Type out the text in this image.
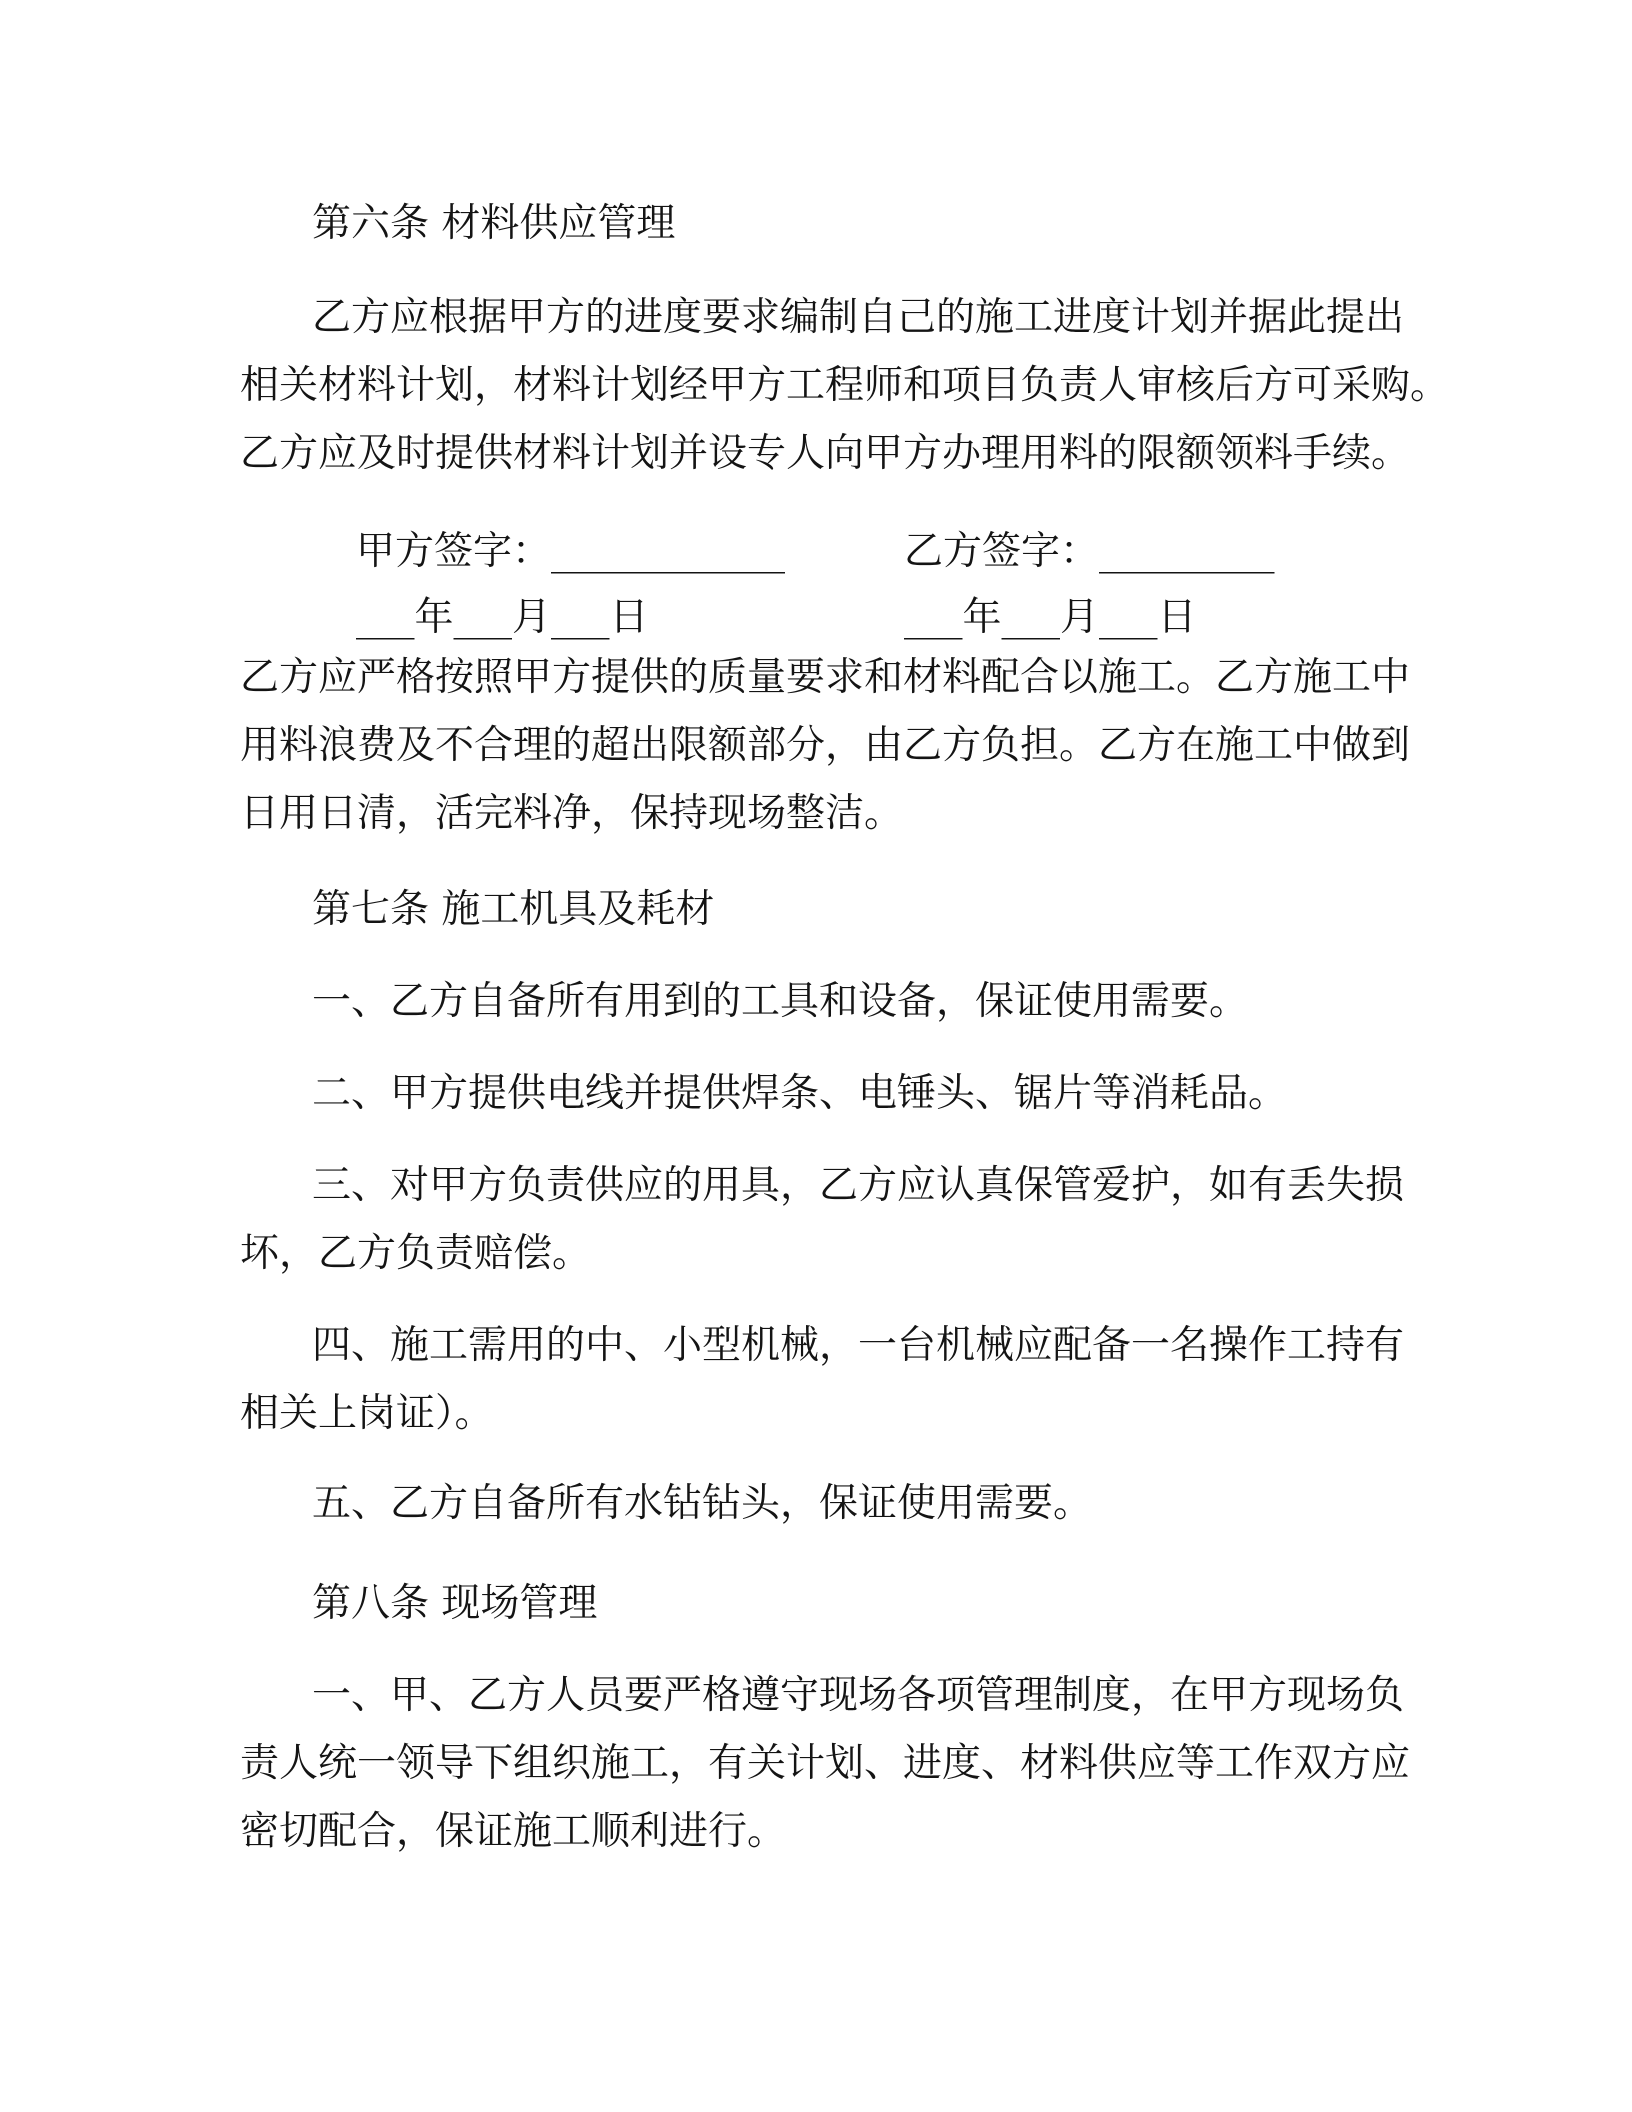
第六条 材料供应管理
乙方应根据甲方的进度要求编制自己的施工进度计划并据此提出
相关材料计划，材料计划经甲方工程师和项目负责人审核后方可采购。
乙方应及时提供材料计划并设专人向甲方办理用料的限额领料手续。
甲方签字：____________	乙方签字：_________
___年___月___日	___年___月___日
乙方应严格按照甲方提供的质量要求和材料配合以施工。乙方施工中
用料浪费及不合理的超出限额部分，由乙方负担。乙方在施工中做到
日用日清，活完料净，保持现场整洁。
第七条 施工机具及耗材
一、乙方自备所有用到的工具和设备，保证使用需要。
二、甲方提供电线并提供焊条、电锤头、锯片等消耗品。
三、对甲方负责供应的用具，乙方应认真保管爱护，如有丢失损
坏，乙方负责赔偿。
四、施工需用的中、小型机械，一台机械应配备一名操作工持有
相关上岗证）。
五、乙方自备所有水钻钻头，保证使用需要。
第八条 现场管理
一、甲、乙方人员要严格遵守现场各项管理制度，在甲方现场负
责人统一领导下组织施工，有关计划、进度、材料供应等工作双方应
密切配合，保证施工顺利进行。
